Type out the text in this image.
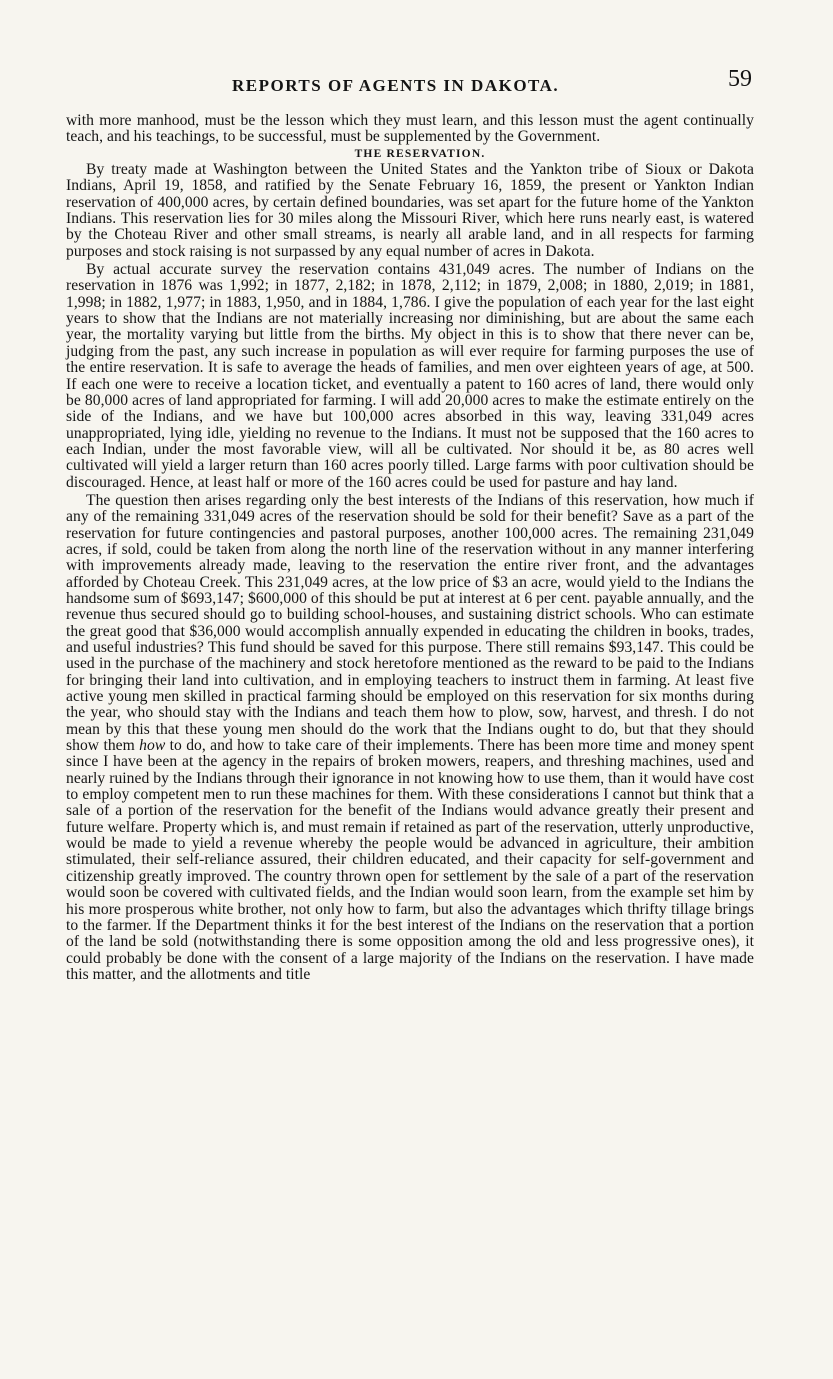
REPORTS OF AGENTS IN DAKOTA.	59

with more manhood, must be the lesson which they must learn, and this lesson must the agent continually teach, and his teachings, to be successful, must be supplemented by the Government.

THE RESERVATION.

By treaty made at Washington between the United States and the Yankton tribe of Sioux or Dakota Indians, April 19, 1858, and ratified by the Senate February 16, 1859, the present or Yankton Indian reservation of 400,000 acres, by certain defined boundaries, was set apart for the future home of the Yankton Indians. This reservation lies for 30 miles along the Missouri River, which here runs nearly east, is watered by the Choteau River and other small streams, is nearly all arable land, and in all respects for farming purposes and stock raising is not surpassed by any equal number of acres in Dakota.

By actual accurate survey the reservation contains 431,049 acres. The number of Indians on the reservation in 1876 was 1,992; in 1877, 2,182; in 1878, 2,112; in 1879, 2,008; in 1880, 2,019; in 1881, 1,998; in 1882, 1,977; in 1883, 1,950, and in 1884, 1,786. I give the population of each year for the last eight years to show that the Indians are not materially increasing nor diminishing, but are about the same each year, the mortality varying but little from the births. My object in this is to show that there never can be, judging from the past, any such increase in population as will ever require for farming purposes the use of the entire reservation. It is safe to average the heads of families, and men over eighteen years of age, at 500. If each one were to receive a location ticket, and eventually a patent to 160 acres of land, there would only be 80,000 acres of land appropriated for farming. I will add 20,000 acres to make the estimate entirely on the side of the Indians, and we have but 100,000 acres absorbed in this way, leaving 331,049 acres unappropriated, lying idle, yielding no revenue to the Indians. It must not be supposed that the 160 acres to each Indian, under the most favorable view, will all be cultivated. Nor should it be, as 80 acres well cultivated will yield a larger return than 160 acres poorly tilled. Large farms with poor cultivation should be discouraged. Hence, at least half or more of the 160 acres could be used for pasture and hay land.

The question then arises regarding only the best interests of the Indians of this reservation, how much if any of the remaining 331,049 acres of the reservation should be sold for their benefit? Save as a part of the reservation for future contingencies and pastoral purposes, another 100,000 acres. The remaining 231,049 acres, if sold, could be taken from along the north line of the reservation without in any manner interfering with improvements already made, leaving to the reservation the entire river front, and the advantages afforded by Choteau Creek. This 231,049 acres, at the low price of $3 an acre, would yield to the Indians the handsome sum of $693,147; $600,000 of this should be put at interest at 6 per cent. payable annually, and the revenue thus secured should go to building school-houses, and sustaining district schools. Who can estimate the great good that $36,000 would accomplish annually expended in educating the children in books, trades, and useful industries? This fund should be saved for this purpose. There still remains $93,147. This could be used in the purchase of the machinery and stock heretofore mentioned as the reward to be paid to the Indians for bringing their land into cultivation, and in employing teachers to instruct them in farming. At least five active young men skilled in practical farming should be employed on this reservation for six months during the year, who should stay with the Indians and teach them how to plow, sow, harvest, and thresh. I do not mean by this that these young men should do the work that the Indians ought to do, but that they should show them how to do, and how to take care of their implements. There has been more time and money spent since I have been at the agency in the repairs of broken mowers, reapers, and threshing machines, used and nearly ruined by the Indians through their ignorance in not knowing how to use them, than it would have cost to employ competent men to run these machines for them. With these considerations I cannot but think that a sale of a portion of the reservation for the benefit of the Indians would advance greatly their present and future welfare. Property which is, and must remain if retained as part of the reservation, utterly unproductive, would be made to yield a revenue whereby the people would be advanced in agriculture, their ambition stimulated, their self-reliance assured, their children educated, and their capacity for self-government and citizenship greatly improved. The country thrown open for settlement by the sale of a part of the reservation would soon be covered with cultivated fields, and the Indian would soon learn, from the example set him by his more prosperous white brother, not only how to farm, but also the advantages which thrifty tillage brings to the farmer. If the Department thinks it for the best interest of the Indians on the reservation that a portion of the land be sold (notwithstanding there is some opposition among the old and less progressive ones), it could probably be done with the consent of a large majority of the Indians on the reservation. I have made this matter, and the allotments and title
